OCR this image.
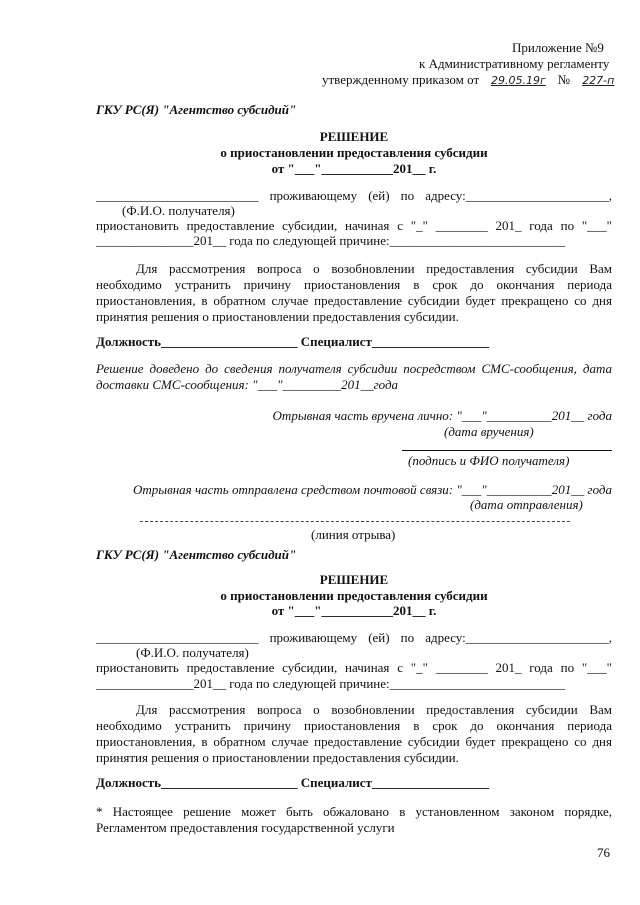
Приложение №9
к Административному регламенту
утвержденному приказом от 29.05.19г № 227-п
ГКУ РС(Я) "Агентство субсидий"
РЕШЕНИЕ
о приостановлении предоставления субсидии
от "___"___________201__ г.
_________________________ проживающему (ей) по адресу:______________________,
(Ф.И.О. получателя)
приостановить предоставление субсидии, начиная с "_" ________ 201_ года по "___"
_______________201__ года по следующей причине:___________________________
Для рассмотрения вопроса о возобновлении предоставления субсидии Вам необходимо устранить причину приостановления в срок до окончания периода приостановления, в обратном случае предоставление субсидии будет прекращено со дня принятия решения о приостановлении предоставления субсидии.
Должность_____________________ Специалист__________________
Решение доведено до сведения получателя субсидии посредством СМС-сообщения, дата доставки СМС-сообщения: "___"_________201__года
Отрывная часть вручена лично: "___"__________201__ года
(дата вручения)
(подпись и ФИО получателя)
Отрывная часть отправлена средством почтовой связи: "___"__________201__ года
(дата отправления)
(линия отрыва)
ГКУ РС(Я) "Агентство субсидий"
РЕШЕНИЕ
о приостановлении предоставления субсидии
от "___"___________201__ г.
_________________________ проживающему (ей) по адресу:______________________,
(Ф.И.О. получателя)
приостановить предоставление субсидии, начиная с "_" ________ 201_ года по "___"
_______________201__ года по следующей причине:___________________________
Для рассмотрения вопроса о возобновлении предоставления субсидии Вам необходимо устранить причину приостановления в срок до окончания периода приостановления, в обратном случае предоставление субсидии будет прекращено со дня принятия решения о приостановлении предоставления субсидии.
Должность_____________________ Специалист__________________
* Настоящее решение может быть обжаловано в установленном законом порядке,
Регламентом предоставления государственной услуги
76
